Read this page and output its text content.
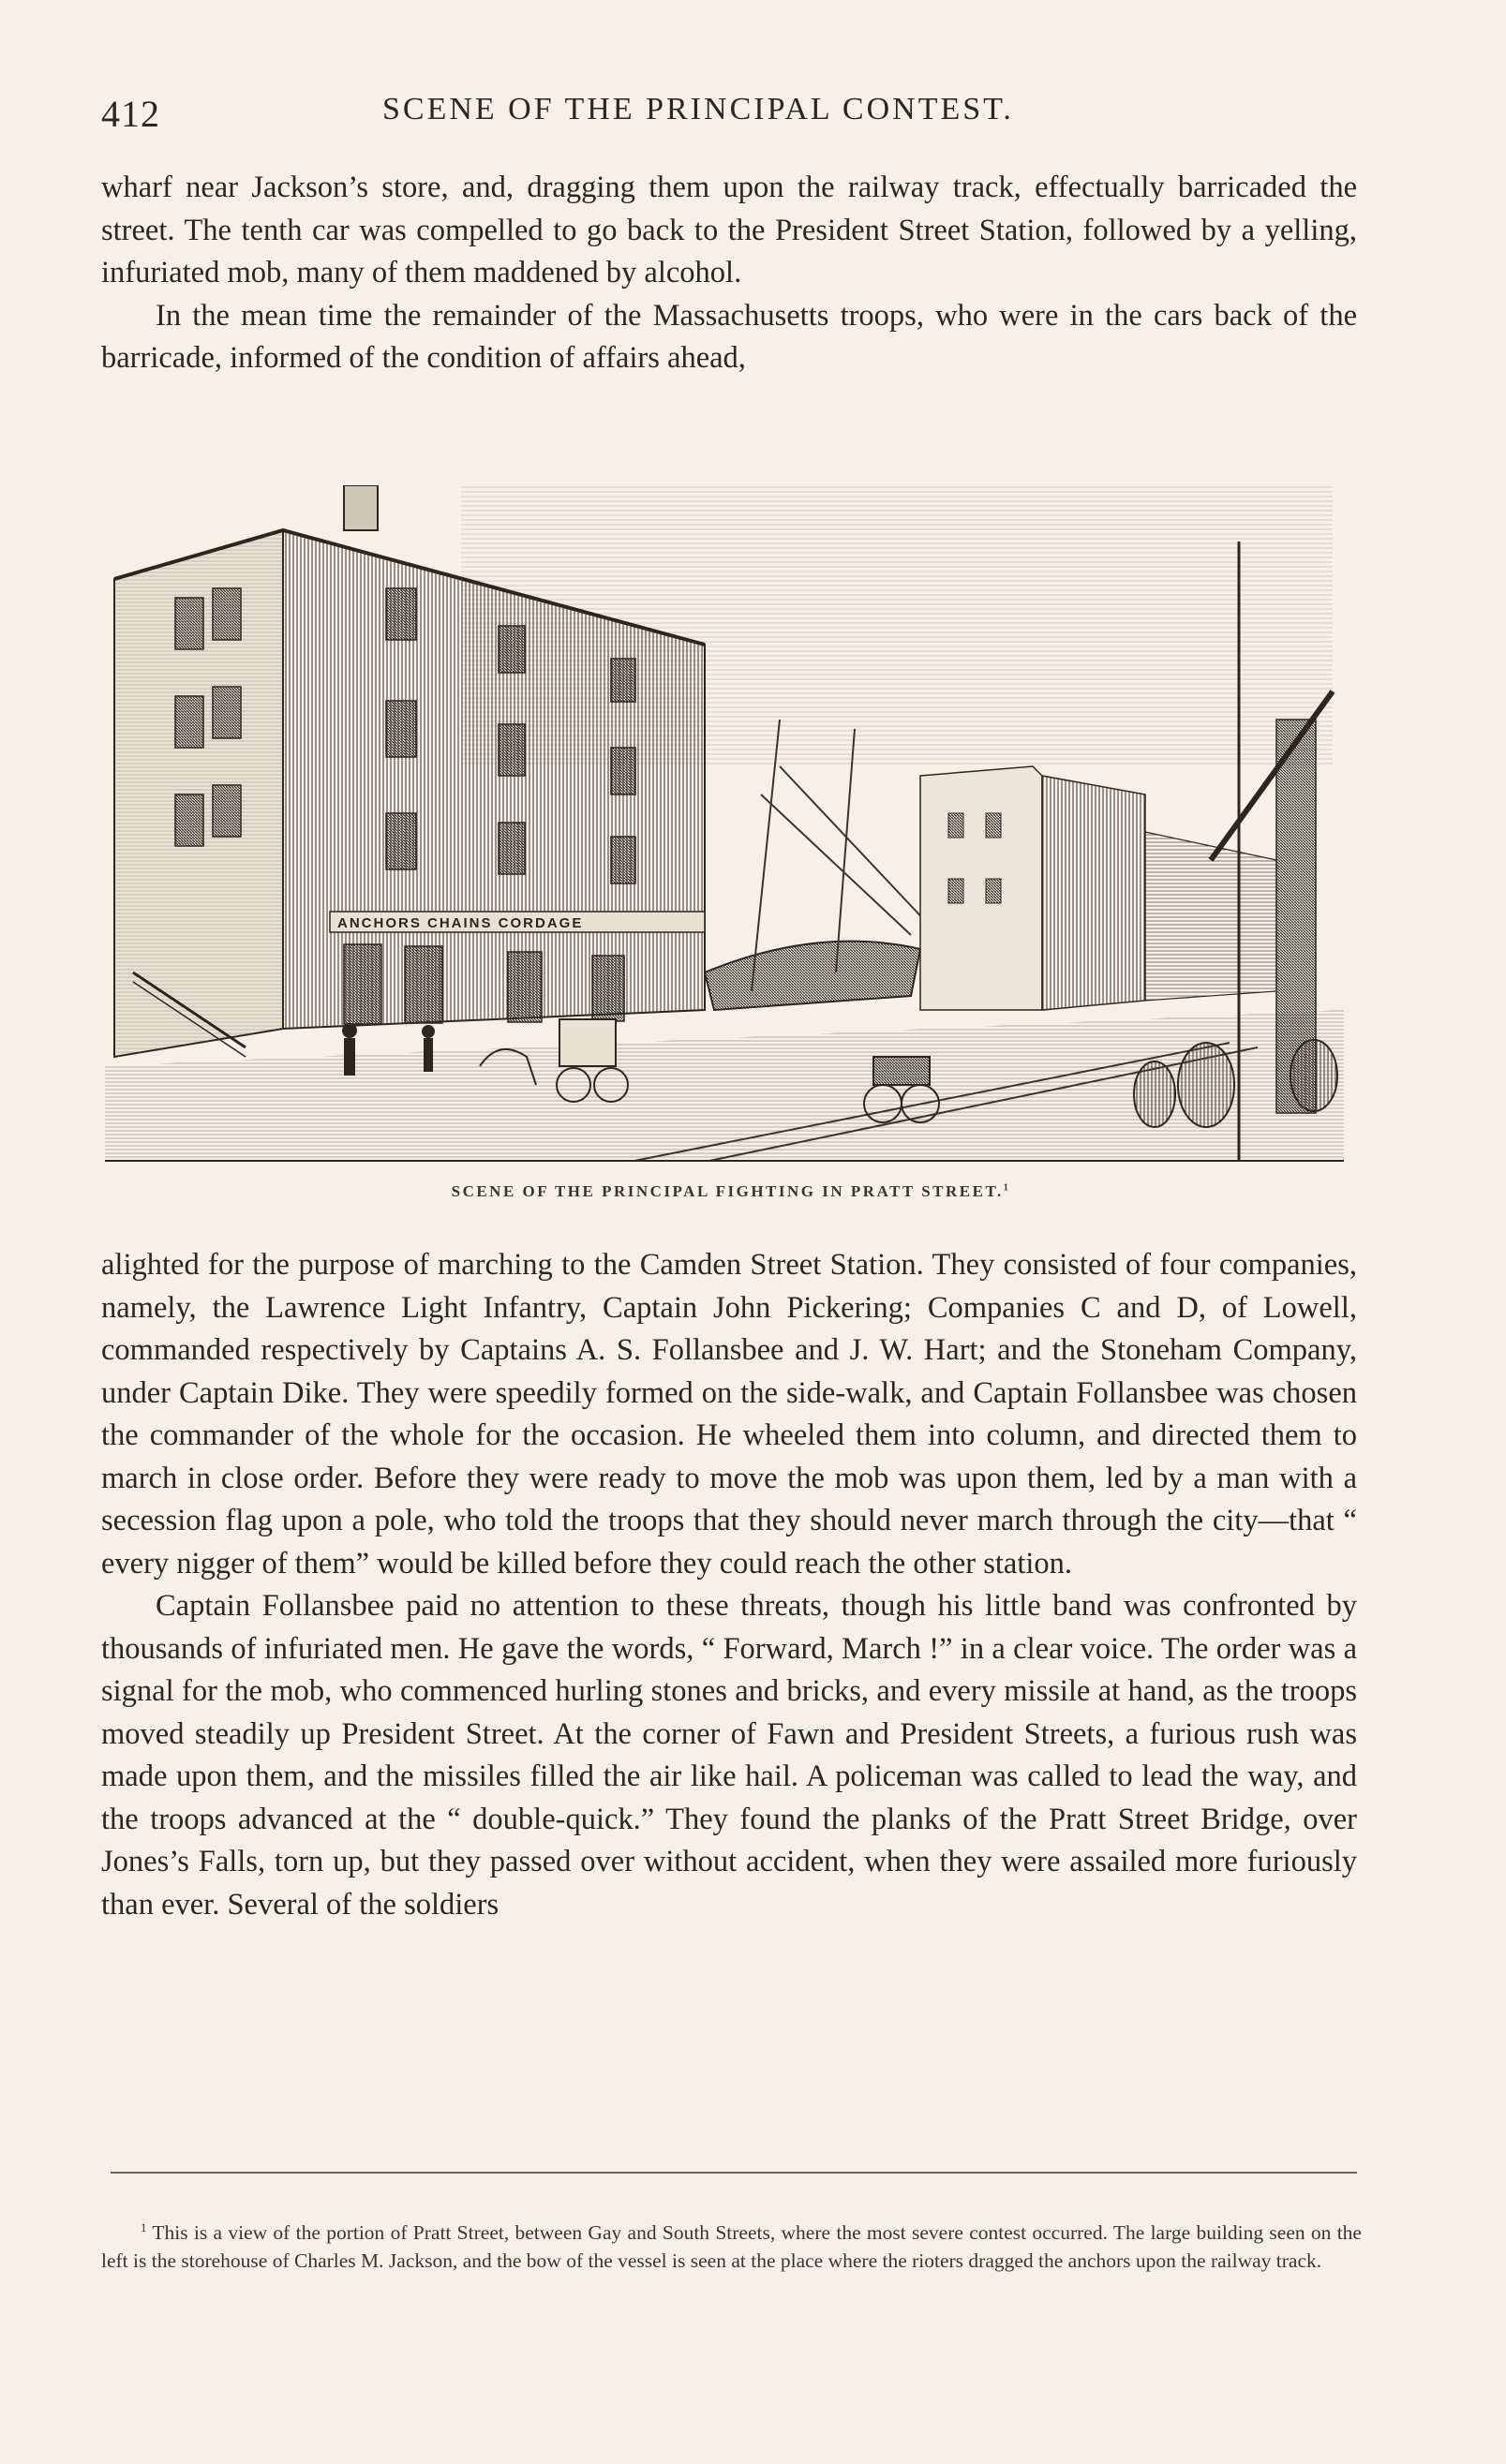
412	SCENE OF THE PRINCIPAL CONTEST.

wharf near Jackson’s store, and, dragging them upon the railway track, effectually barricaded the street. The tenth car was compelled to go back to the President Street Station, followed by a yelling, infuriated mob, many of them maddened by alcohol.

In the mean time the remainder of the Massachusetts troops, who were in the cars back of the barricade, informed of the condition of affairs ahead,

ANCHORS CHAINS CORDAGE
SCENE OF THE PRINCIPAL FIGHTING IN PRATT STREET.$^1$

alighted for the purpose of marching to the Camden Street Station. They consisted of four companies, namely, the Lawrence Light Infantry, Captain John Pickering; Companies C and D, of Lowell, commanded respectively by Captains A. S. Follansbee and J. W. Hart; and the Stoneham Company, under Captain Dike. They were speedily formed on the side-walk, and Captain Follansbee was chosen the commander of the whole for the occasion. He wheeled them into column, and directed them to march in close order. Before they were ready to move the mob was upon them, led by a man with a secession flag upon a pole, who told the troops that they should never march through the city—that “ every nigger of them” would be killed before they could reach the other station.

Captain Follansbee paid no attention to these threats, though his little band was confronted by thousands of infuriated men. He gave the words, “ Forward, March !” in a clear voice. The order was a signal for the mob, who commenced hurling stones and bricks, and every missile at hand, as the troops moved steadily up President Street. At the corner of Fawn and President Streets, a furious rush was made upon them, and the missiles filled the air like hail. A policeman was called to lead the way, and the troops advanced at the “ double-quick.” They found the planks of the Pratt Street Bridge, over Jones’s Falls, torn up, but they passed over without accident, when they were assailed more furiously than ever. Several of the soldiers

$^1$ This is a view of the portion of Pratt Street, between Gay and South Streets, where the most severe contest occurred. The large building seen on the left is the storehouse of Charles M. Jackson, and the bow of the vessel is seen at the place where the rioters dragged the anchors upon the railway track.
